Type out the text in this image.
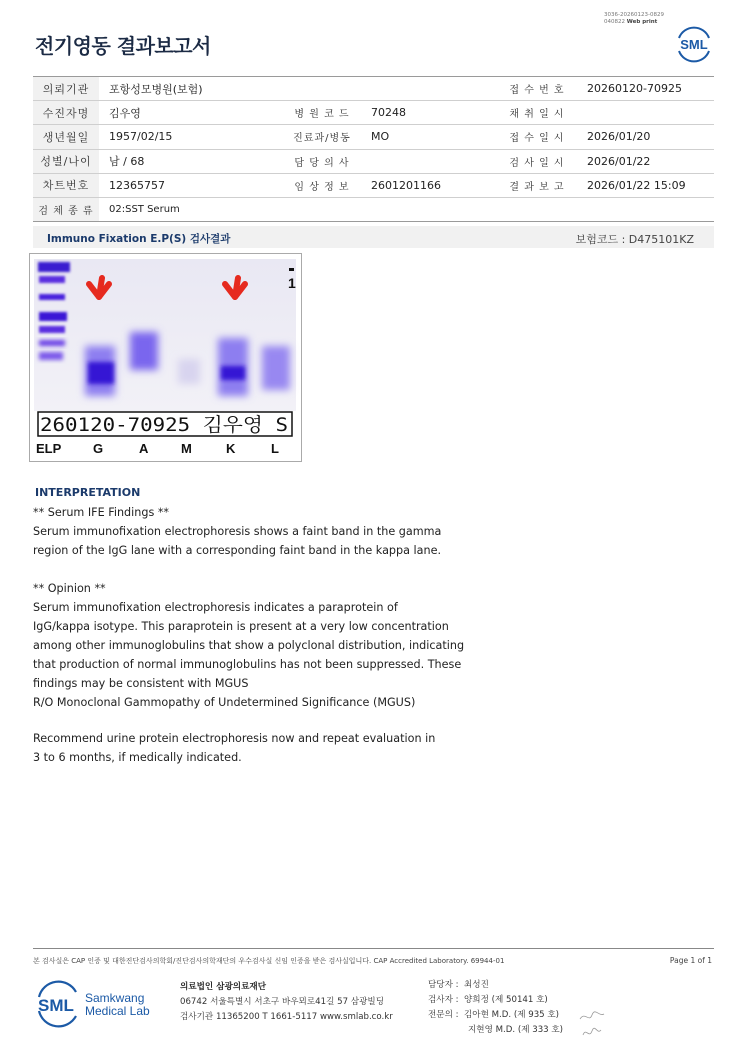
3036-20260123-0829
040822 Web print
전기영동 결과보고서	SML
의뢰기관	포항성모병원(보험)			접 수 번 호	20260120-70925
수진자명	김우영	병 원 코 드	70248	채 취 일 시	
생년월일	1957/02/15	진료과/병동	MO	접 수 일 시	2026/01/20
성별/나이	남 / 68	담 당 의 사		검 사 일 시	2026/01/22
차트번호	12365757	임 상 정 보	2601201166	결 과 보 고	2026/01/22 15:09
검 체 종 류	02:SST Serum				
Immuno Fixation E.P(S) 검사결과	보험코드 : D475101KZ
1
260120-70925 김우영 S
ELP G	A	M	K	L
INTERPRETATION
** Serum IFE Findings **
Serum immunofixation electrophoresis shows a faint band in the gamma
region of the IgG lane with a corresponding faint band in the kappa lane.
** Opinion **
Serum immunofixation electrophoresis indicates a paraprotein of
IgG/kappa isotype. This paraprotein is present at a very low concentration
among other immunoglobulins that show a polyclonal distribution, indicating
that production of normal immunoglobulins has not been suppressed. These
findings may be consistent with MGUS
R/O Monoclonal Gammopathy of Undetermined Significance (MGUS)
Recommend urine protein electrophoresis now and repeat evaluation in
3 to 6 months, if medically indicated.
본 검사실은 CAP 인증 및 대한진단검사의학회/진단검사의학재단의 우수검사실 신임 인증을 받은 검사실입니다. CAP Accredited Laboratory. 69944-01	Page 1 of 1
SML Samkwang
Medical Lab
의료법인 삼광의료재단
06742 서울특별시 서초구 바우뫼로41길 57 삼광빌딩
검사기관 11365200 T 1661-5117 www.smlab.co.kr
담당자 :  최성진
검사자 :  양희정 (제 50141 호)
전문의 :  김아현 M.D. (제 935 호)
지현영 M.D. (제 333 호)
